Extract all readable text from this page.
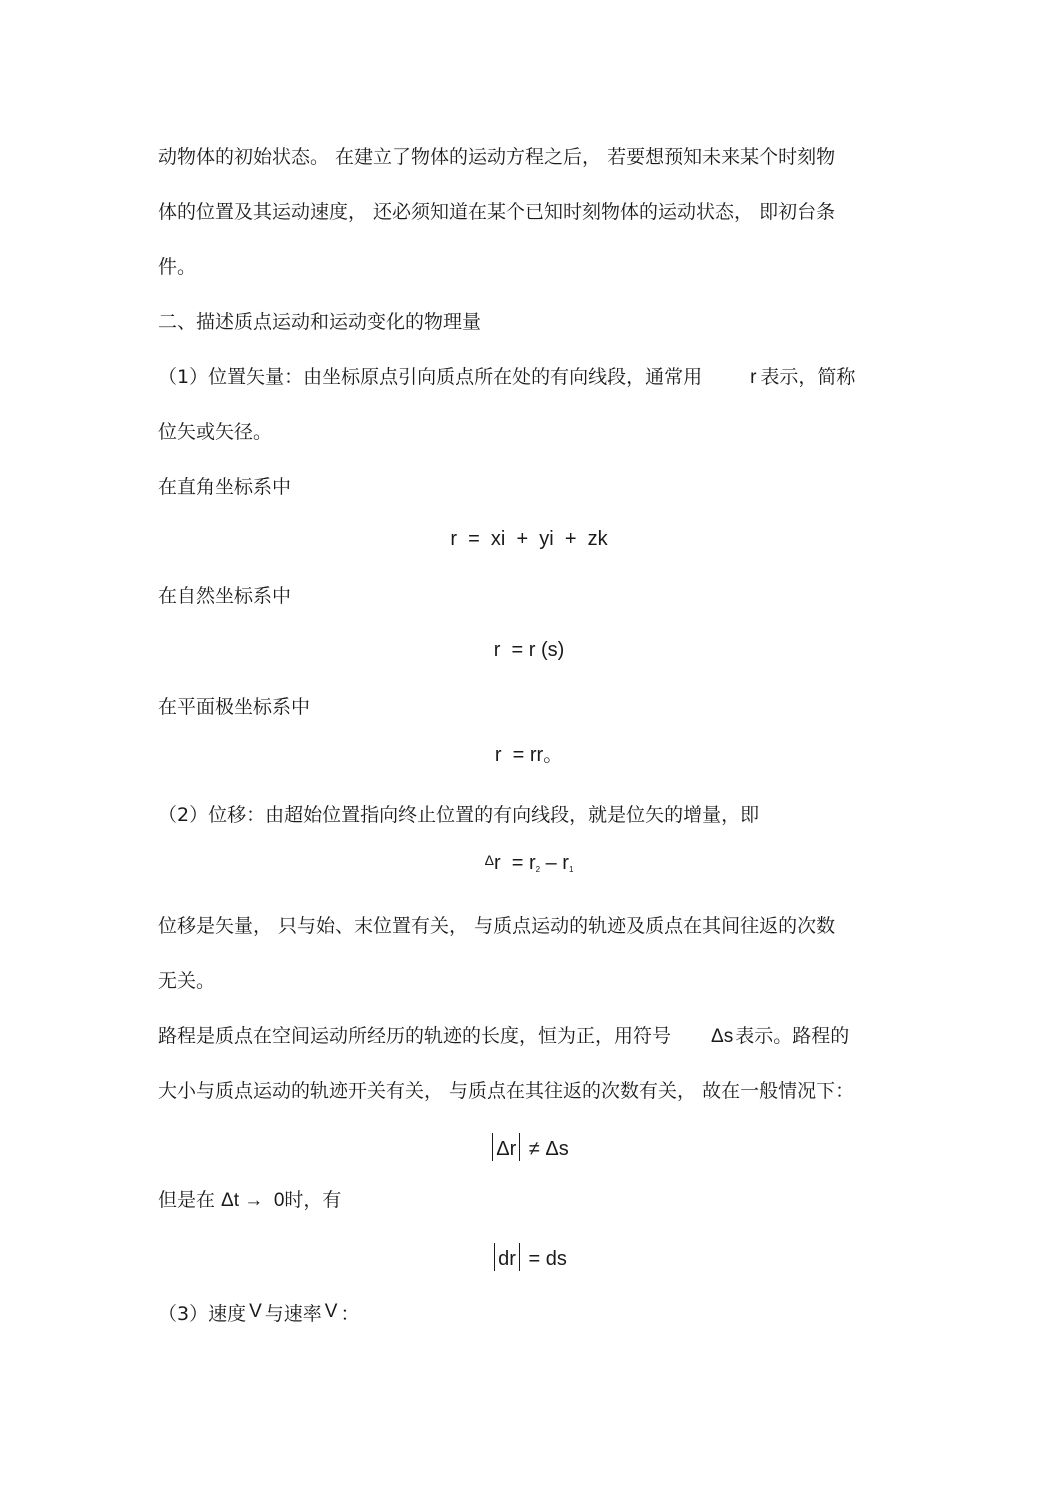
动物体的初始状态。 在建立了物体的运动方程之后， 若要想预知未来某个时刻物
体的位置及其运动速度， 还必须知道在某个已知时刻物体的运动状态， 即初台条
件。
二、描述质点运动和运动变化的物理量
（1）位置矢量：由坐标原点引向质点所在处的有向线段，通常用	r 表示，简称
位矢或矢径。
在直角坐标系中
r  =  xi  +  yi  +  zk
在自然坐标系中
r  = r (s)
在平面极坐标系中
r  = rr。
（2）位移：由超始位置指向终止位置的有向线段，就是位矢的增量，即
$^\Delta r = r_2 - r_1$
位移是矢量， 只与始、末位置有关， 与质点运动的轨迹及质点在其间往返的次数
无关。
路程是质点在空间运动所经历的轨迹的长度，恒为正，用符号 Δs 表示。路程的
大小与质点运动的轨迹开关有关， 与质点在其往返的次数有关， 故在一般情况下：
Δr ≠ Δs
但是在 Δt →  0时，有
dr = ds
（3）速度 V 与速率 V ：
